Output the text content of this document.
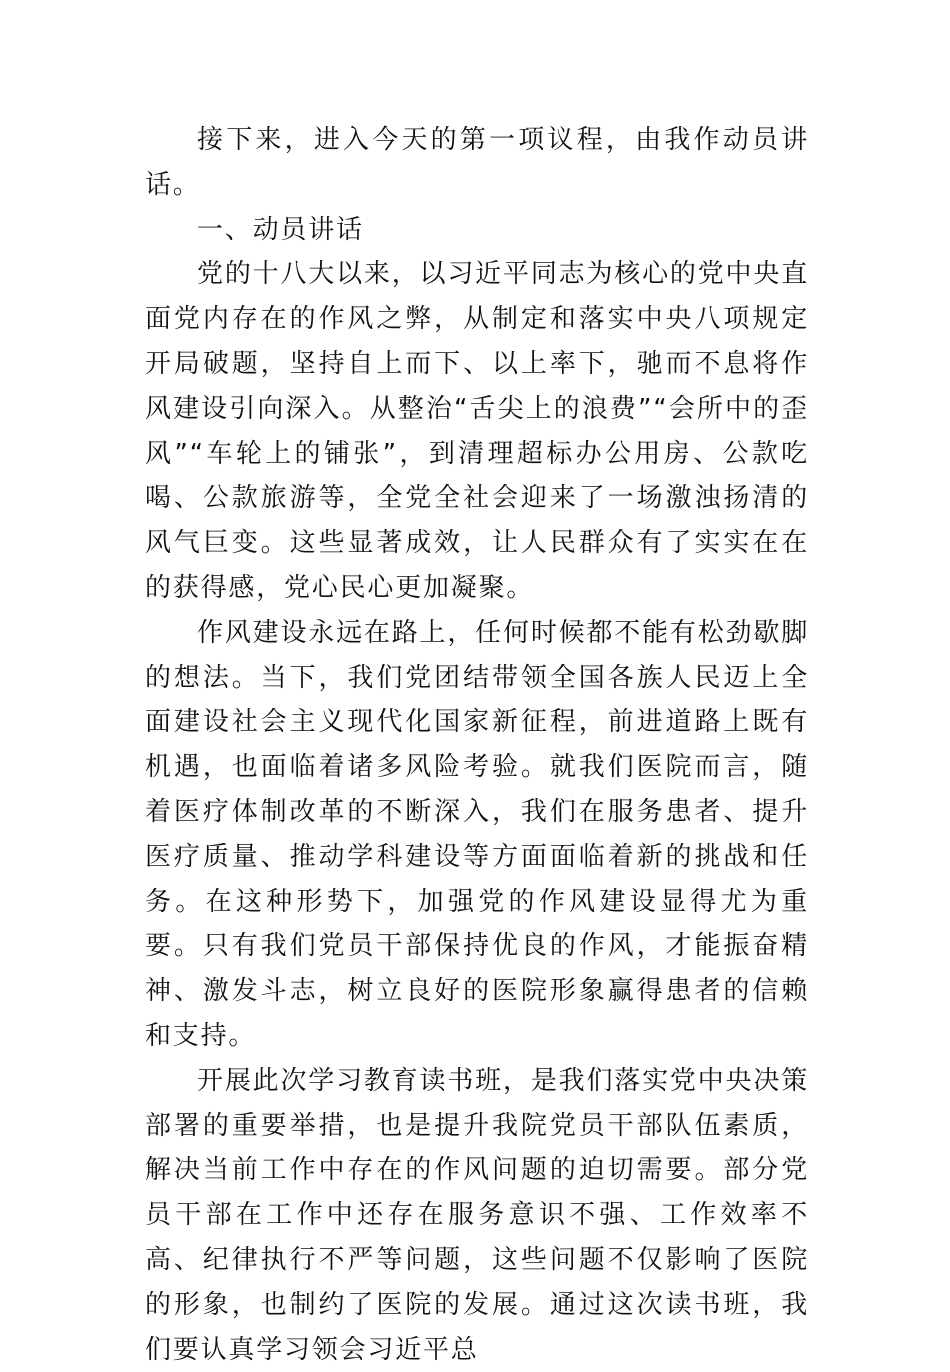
接下来，进入今天的第一项议程，由我作动员讲话。

一、动员讲话

党的十八大以来，以习近平同志为核心的党中央直面党内存在的作风之弊，从制定和落实中央八项规定开局破题，坚持自上而下、以上率下，驰而不息将作风建设引向深入。从整治“舌尖上的浪费”“会所中的歪风”“车轮上的铺张”，到清理超标办公用房、公款吃喝、公款旅游等，全党全社会迎来了一场激浊扬清的风气巨变。这些显著成效，让人民群众有了实实在在的获得感，党心民心更加凝聚。

作风建设永远在路上，任何时候都不能有松劲歇脚的想法。当下，我们党团结带领全国各族人民迈上全面建设社会主义现代化国家新征程，前进道路上既有机遇，也面临着诸多风险考验。就我们医院而言，随着医疗体制改革的不断深入，我们在服务患者、提升医疗质量、推动学科建设等方面面临着新的挑战和任务。在这种形势下，加强党的作风建设显得尤为重要。只有我们党员干部保持优良的作风，才能振奋精神、激发斗志，树立良好的医院形象赢得患者的信赖和支持。

开展此次学习教育读书班，是我们落实党中央决策部署的重要举措，也是提升我院党员干部队伍素质，解决当前工作中存在的作风问题的迫切需要。部分党员干部在工作中还存在服务意识不强、工作效率不高、纪律执行不严等问题，这些问题不仅影响了医院的形象，也制约了医院的发展。通过这次读书班，我们要认真学习领会习近平总
